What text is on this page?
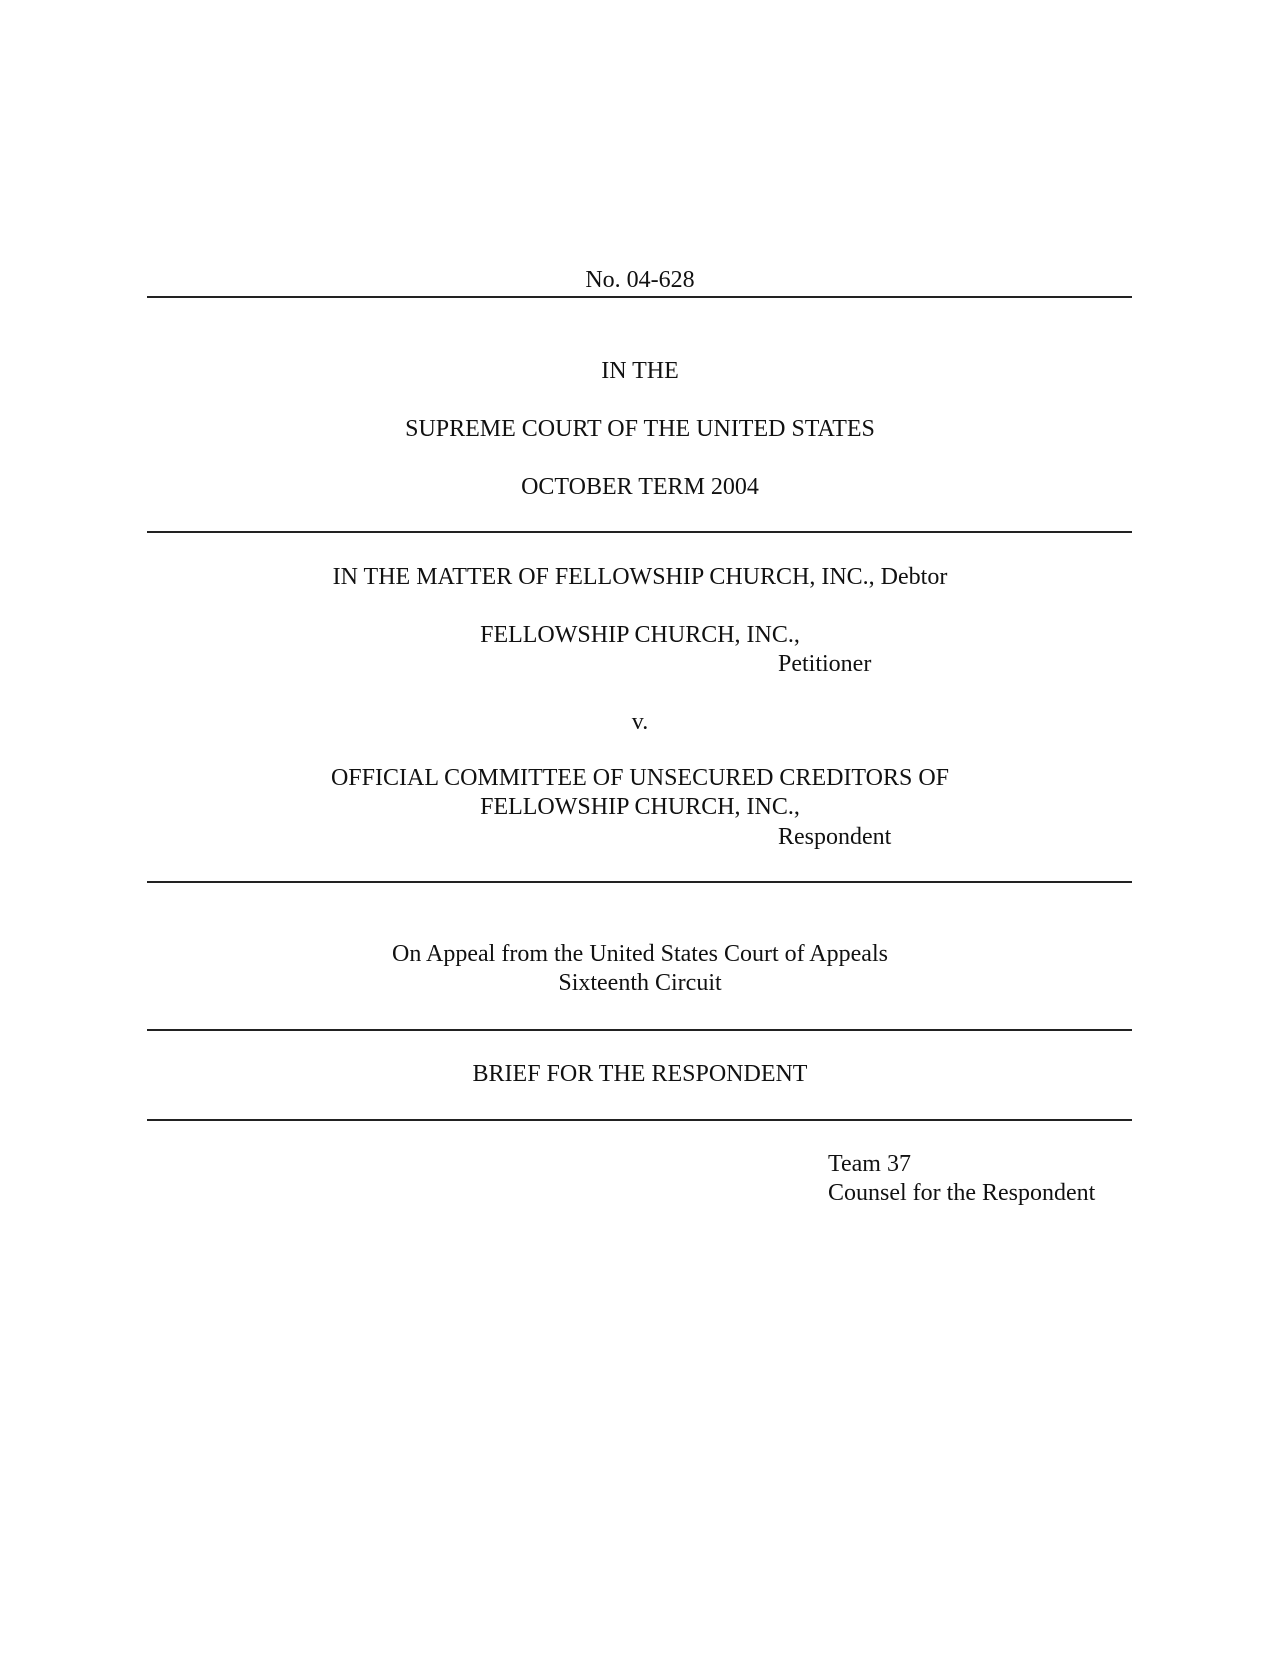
No. 04-628
IN THE
SUPREME COURT OF THE UNITED STATES
OCTOBER TERM 2004
IN THE MATTER OF FELLOWSHIP CHURCH, INC., Debtor
FELLOWSHIP CHURCH, INC.,
Petitioner
v.
OFFICIAL COMMITTEE OF UNSECURED CREDITORS OF
FELLOWSHIP CHURCH, INC.,
Respondent
On Appeal from the United States Court of Appeals
Sixteenth Circuit
BRIEF FOR THE RESPONDENT
Team 37
Counsel for the Respondent
